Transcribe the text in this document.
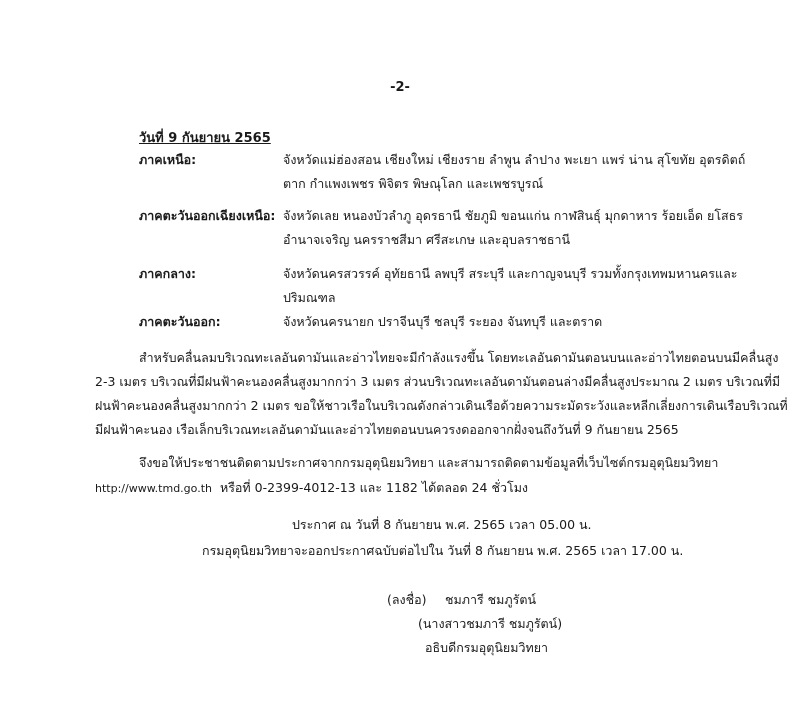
-2-
วันที่ 9 กันยายน 2565
ภาคเหนือ:	จังหวัดแม่ฮ่องสอน เชียงใหม่ เชียงราย ลำพูน ลำปาง พะเยา แพร่ น่าน สุโขทัย อุตรดิตถ์
ตาก กำแพงเพชร พิจิตร พิษณุโลก และเพชรบูรณ์
ภาคตะวันออกเฉียงเหนือ: จังหวัดเลย หนองบัวลำภู อุดรธานี ชัยภูมิ ขอนแก่น กาฬสินธุ์ มุกดาหาร ร้อยเอ็ด ยโสธร
อำนาจเจริญ นครราชสีมา ศรีสะเกษ และอุบลราชธานี
ภาคกลาง:	จังหวัดนครสวรรค์ อุทัยธานี ลพบุรี สระบุรี และกาญจนบุรี รวมทั้งกรุงเทพมหานครและ
ปริมณฑล
ภาคตะวันออก:	จังหวัดนครนายก ปราจีนบุรี ชลบุรี ระยอง จันทบุรี และตราด
สำหรับคลื่นลมบริเวณทะเลอันดามันและอ่าวไทยจะมีกำลังแรงขึ้น โดยทะเลอันดามันตอนบนและอ่าวไทยตอนบนมีคลื่นสูง
2-3 เมตร บริเวณที่มีฝนฟ้าคะนองคลื่นสูงมากกว่า 3 เมตร ส่วนบริเวณทะเลอันดามันตอนล่างมีคลื่นสูงประมาณ 2 เมตร บริเวณที่มี
ฝนฟ้าคะนองคลื่นสูงมากกว่า 2 เมตร ขอให้ชาวเรือในบริเวณดังกล่าวเดินเรือด้วยความระมัดระวังและหลีกเลี่ยงการเดินเรือบริเวณที่
มีฝนฟ้าคะนอง เรือเล็กบริเวณทะเลอันดามันและอ่าวไทยตอนบนควรงดออกจากฝั่งจนถึงวันที่ 9 กันยายน 2565
จึงขอให้ประชาชนติดตามประกาศจากกรมอุตุนิยมวิทยา และสามารถติดตามข้อมูลที่เว็บไซต์กรมอุตุนิยมวิทยา
http://www.tmd.go.th หรือที่ 0-2399-4012-13 และ 1182 ได้ตลอด 24 ชั่วโมง
ประกาศ ณ วันที่ 8 กันยายน พ.ศ. 2565 เวลา 05.00 น.
กรมอุตุนิยมวิทยาจะออกประกาศฉบับต่อไปใน วันที่ 8 กันยายน พ.ศ. 2565 เวลา 17.00 น.
(ลงชื่อ) ชมภารี ชมภูรัตน์
(นางสาวชมภารี ชมภูรัตน์)
อธิบดีกรมอุตุนิยมวิทยา
